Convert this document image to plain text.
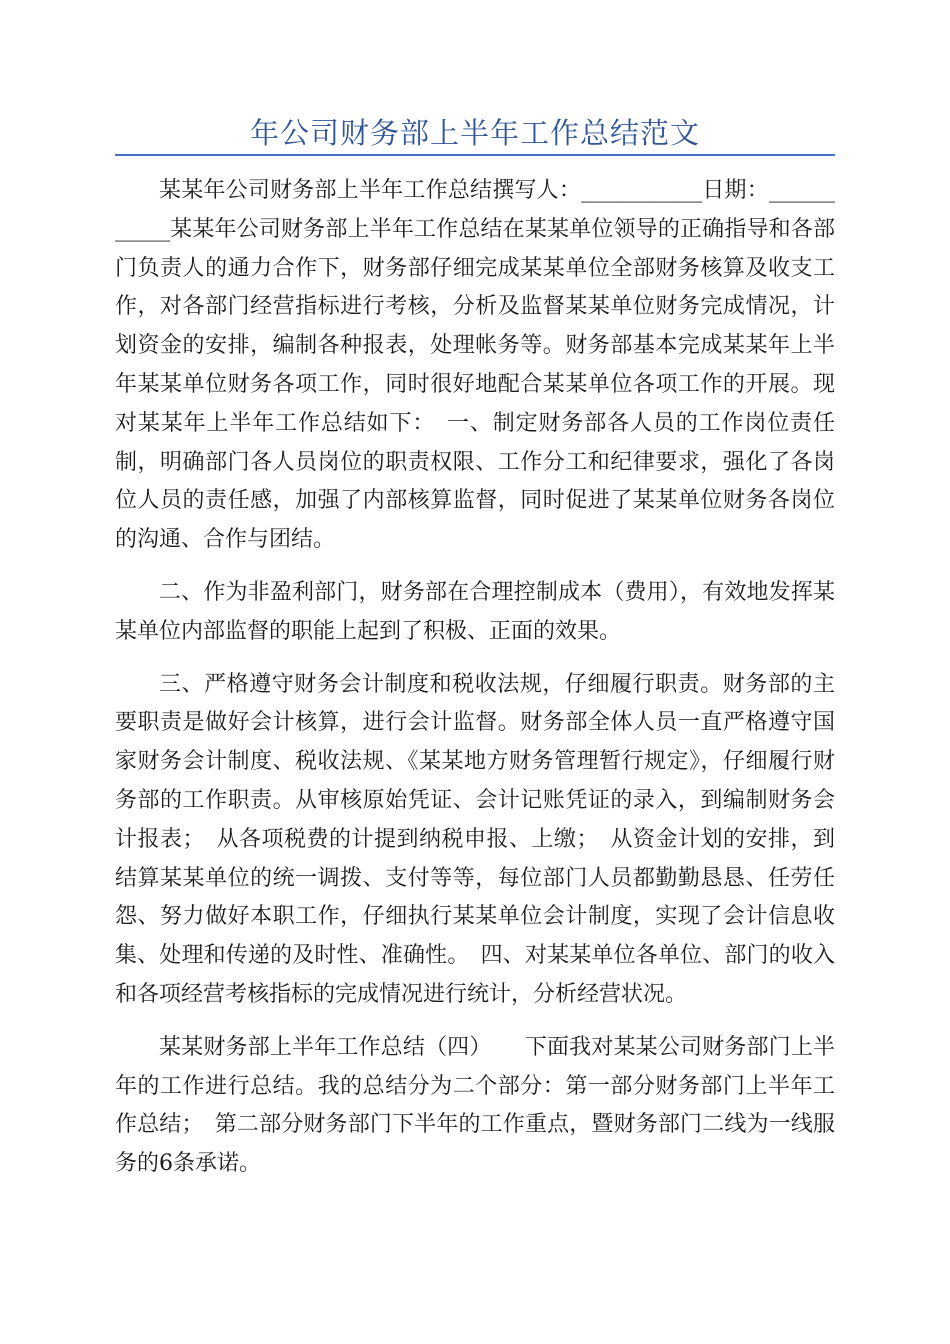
年公司财务部上半年工作总结范文

某某年公司财务部上半年工作总结撰写人：___________日期：___________某某年公司财务部上半年工作总结在某某单位领导的正确指导和各部门负责人的通力合作下，财务部仔细完成某某单位全部财务核算及收支工作，对各部门经营指标进行考核，分析及监督某某单位财务完成情况，计划资金的安排，编制各种报表，处理帐务等。财务部基本完成某某年上半年某某单位财务各项工作，同时很好地配合某某单位各项工作的开展。现对某某年上半年工作总结如下：　一、制定财务部各人员的工作岗位责任制，明确部门各人员岗位的职责权限、工作分工和纪律要求，强化了各岗位人员的责任感，加强了内部核算监督，同时促进了某某单位财务各岗位的沟通、合作与团结。

二、作为非盈利部门，财务部在合理控制成本（费用），有效地发挥某某单位内部监督的职能上起到了积极、正面的效果。

三、严格遵守财务会计制度和税收法规，仔细履行职责。财务部的主要职责是做好会计核算，进行会计监督。财务部全体人员一直严格遵守国家财务会计制度、税收法规、《某某地方财务管理暂行规定》，仔细履行财务部的工作职责。从审核原始凭证、会计记账凭证的录入，到编制财务会计报表；　从各项税费的计提到纳税申报、上缴；　从资金计划的安排，到结算某某单位的统一调拨、支付等等，每位部门人员都勤勤恳恳、任劳任怨、努力做好本职工作，仔细执行某某单位会计制度，实现了会计信息收集、处理和传递的及时性、准确性。　四、对某某单位各单位、部门的收入和各项经营考核指标的完成情况进行统计，分析经营状况。

某某财务部上半年工作总结（四）　　下面我对某某公司财务部门上半年的工作进行总结。我的总结分为二个部分：第一部分财务部门上半年工作总结；　第二部分财务部门下半年的工作重点，暨财务部门二线为一线服务的6条承诺。
